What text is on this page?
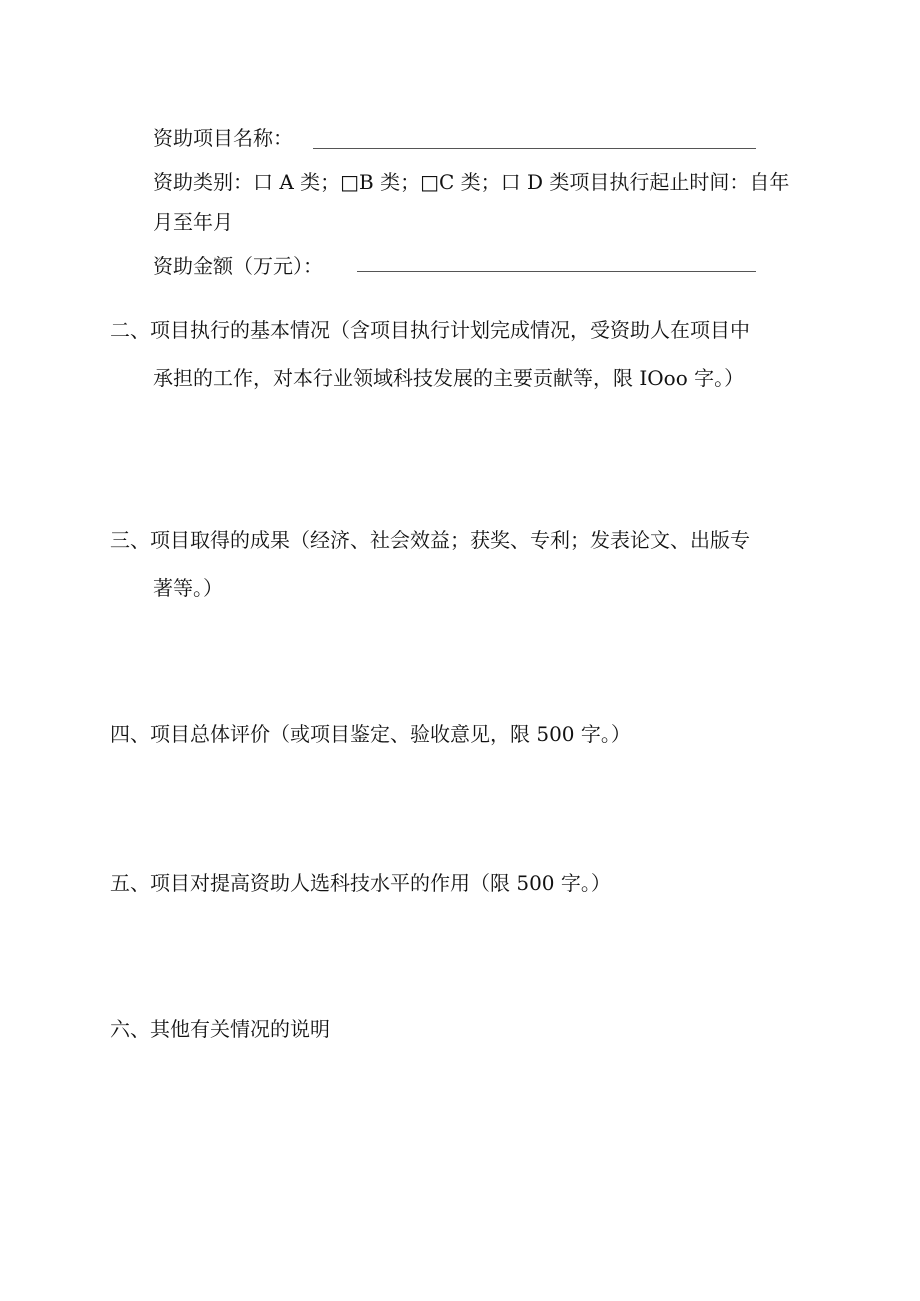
资助项目名称：
资助类别：口 A 类；□B 类；□C 类；口 D 类项目执行起止时间：自年
月至年月
资助金额（万元）：
二、项目执行的基本情况（含项目执行计划完成情况，受资助人在项目中
承担的工作，对本行业领域科技发展的主要贡献等，限 IOoo 字。）
三、项目取得的成果（经济、社会效益；获奖、专利；发表论文、出版专
著等。）
四、项目总体评价（或项目鉴定、验收意见，限 500 字。）
五、项目对提高资助人选科技水平的作用（限 500 字。）
六、其他有关情况的说明
